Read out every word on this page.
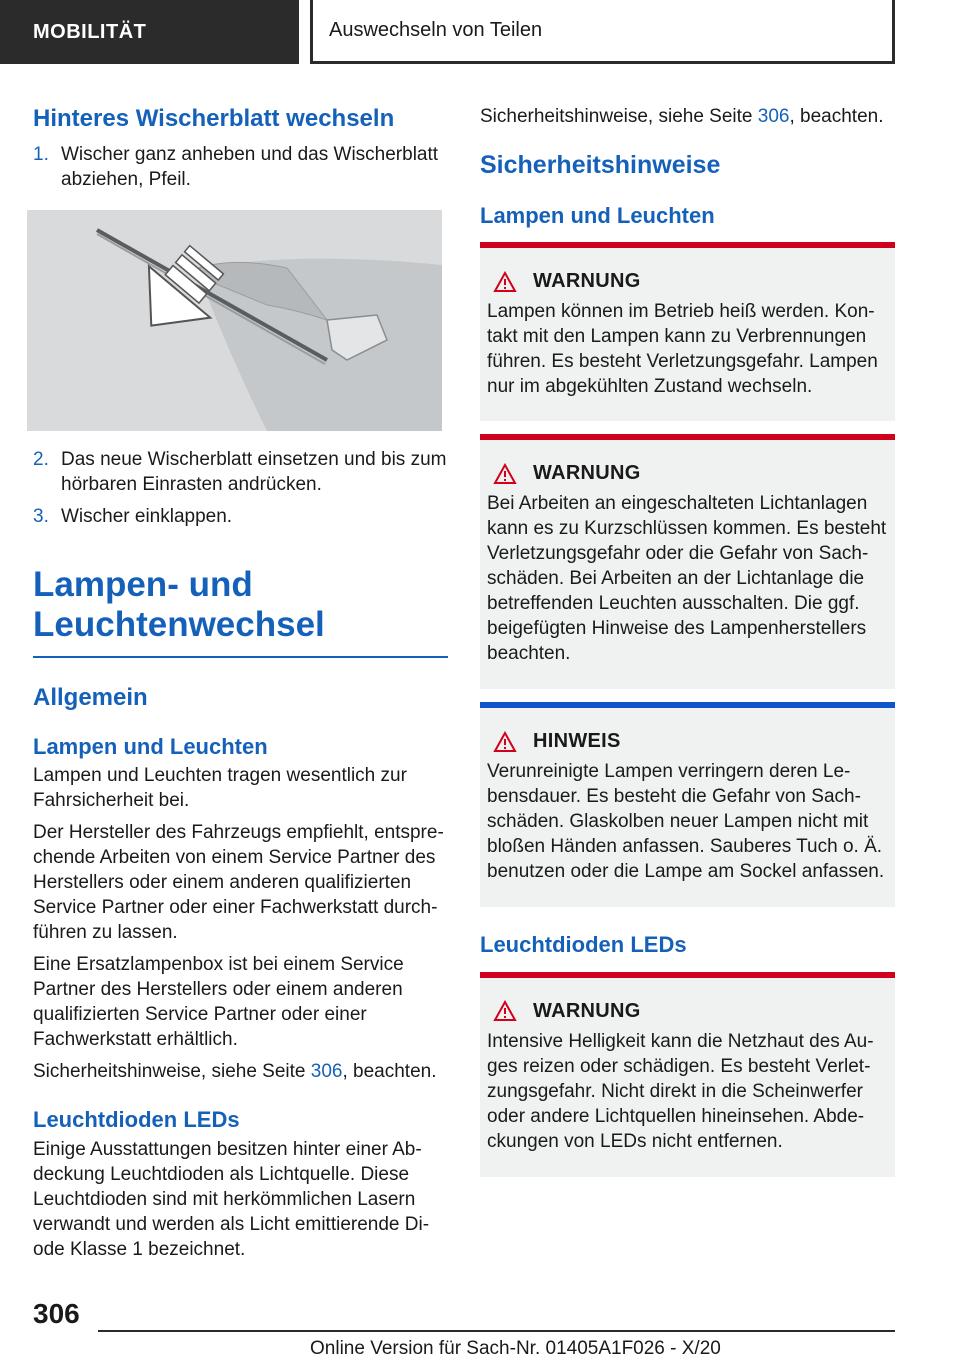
MOBILITÄT	Auswechseln von Teilen
Hinteres Wischerblatt wechseln
1. Wischer ganz anheben und das Wischerblatt abziehen, Pfeil.
2. Das neue Wischerblatt einsetzen und bis zum hörbaren Einrasten andrücken.
3. Wischer einklappen.
Lampen- und
Leuchtenwechsel
Allgemein
Lampen und Leuchten

Lampen und Leuchten tragen wesentlich zur Fahrsicherheit bei.

Der Hersteller des Fahrzeugs empfiehlt, entsprechende Arbeiten von einem Service Partner des Herstellers oder einem anderen qualifizierten Service Partner oder einer Fachwerkstatt durchführen zu lassen.

Eine Ersatzlampenbox ist bei einem Service Partner des Herstellers oder einem anderen qualifizierten Service Partner oder einer Fachwerkstatt erhältlich.

Sicherheitshinweise, siehe Seite 306, beachten.

Leuchtdioden LEDs

Einige Ausstattungen besitzen hinter einer Abdeckung Leuchtdioden als Lichtquelle. Diese Leuchtdioden sind mit herkömmlichen Lasern verwandt und werden als Licht emittierende Diode Klasse 1 bezeichnet.

Sicherheitshinweise, siehe Seite 306, beachten.

Sicherheitshinweise
Lampen und Leuchten
WARNUNG

Lampen können im Betrieb heiß werden. Kontakt mit den Lampen kann zu Verbrennungen führen. Es besteht Verletzungsgefahr. Lampen nur im abgekühlten Zustand wechseln.

WARNUNG

Bei Arbeiten an eingeschalteten Lichtanlagen kann es zu Kurzschlüssen kommen. Es besteht Verletzungsgefahr oder die Gefahr von Sachschäden. Bei Arbeiten an der Lichtanlage die betreffenden Leuchten ausschalten. Die ggf. beigefügten Hinweise des Lampenherstellers beachten.

HINWEIS

Verunreinigte Lampen verringern deren Lebensdauer. Es besteht die Gefahr von Sachschäden. Glaskolben neuer Lampen nicht mit bloßen Händen anfassen. Sauberes Tuch o. Ä. benutzen oder die Lampe am Sockel anfassen.

Leuchtdioden LEDs
WARNUNG

Intensive Helligkeit kann die Netzhaut des Auges reizen oder schädigen. Es besteht Verletzungsgefahr. Nicht direkt in die Scheinwerfer oder andere Lichtquellen hineinsehen. Abdeckungen von LEDs nicht entfernen.

306
Online Version für Sach-Nr. 01405A1F026 - X/20
